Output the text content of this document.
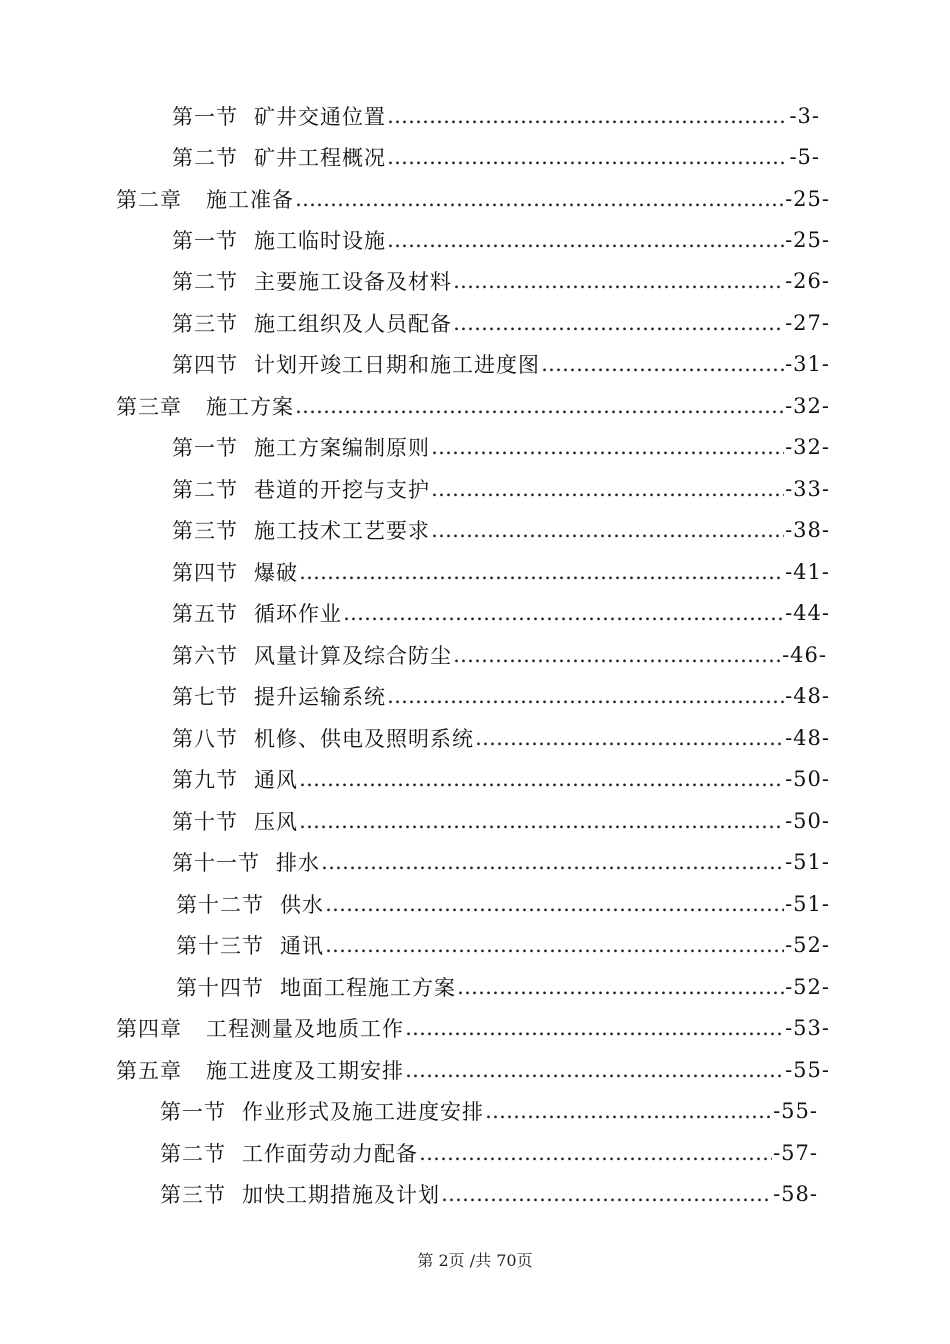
第一节 矿井交通位置 …………………………………………………………………………………………………………………………	-3-
第二节 矿井工程概况 …………………………………………………………………………………………………………………………	-5-
第二章 施工准备 …………………………………………………………………………………………………………………………	-25-
第一节 施工临时设施 …………………………………………………………………………………………………………………………	-25-
第二节 主要施工设备及材料 …………………………………………………………………………………………………………………………	-26-
第三节 施工组织及人员配备 …………………………………………………………………………………………………………………………	-27-
第四节 计划开竣工日期和施工进度图 …………………………………………………………………………………………………………………………	-31-
第三章 施工方案 …………………………………………………………………………………………………………………………	-32-
第一节 施工方案编制原则 …………………………………………………………………………………………………………………………	-32-
第二节 巷道的开挖与支护 …………………………………………………………………………………………………………………………	-33-
第三节 施工技术工艺要求 …………………………………………………………………………………………………………………………	-38-
第四节 爆破 …………………………………………………………………………………………………………………………	-41-
第五节 循环作业 …………………………………………………………………………………………………………………………	-44-
第六节 风量计算及综合防尘 …………………………………………………………………………………………………………………………	-46-
第七节 提升运输系统 …………………………………………………………………………………………………………………………	-48-
第八节 机修、供电及照明系统 …………………………………………………………………………………………………………………………	-48-
第九节 通风 …………………………………………………………………………………………………………………………	-50-
第十节 压风 …………………………………………………………………………………………………………………………	-50-
第十一节 排水 …………………………………………………………………………………………………………………………	-51-
第十二节 供水 …………………………………………………………………………………………………………………………	-51-
第十三节 通讯 …………………………………………………………………………………………………………………………	-52-
第十四节 地面工程施工方案 …………………………………………………………………………………………………………………………	-52-
第四章 工程测量及地质工作 …………………………………………………………………………………………………………………………	-53-
第五章 施工进度及工期安排 …………………………………………………………………………………………………………………………	-55-
第一节 作业形式及施工进度安排 …………………………………………………………………………………………………………………………	-55-
第二节 工作面劳动力配备 …………………………………………………………………………………………………………………………	-57-
第三节 加快工期措施及计划 …………………………………………………………………………………………………………………………	-58-
第 2页 /共 70页
